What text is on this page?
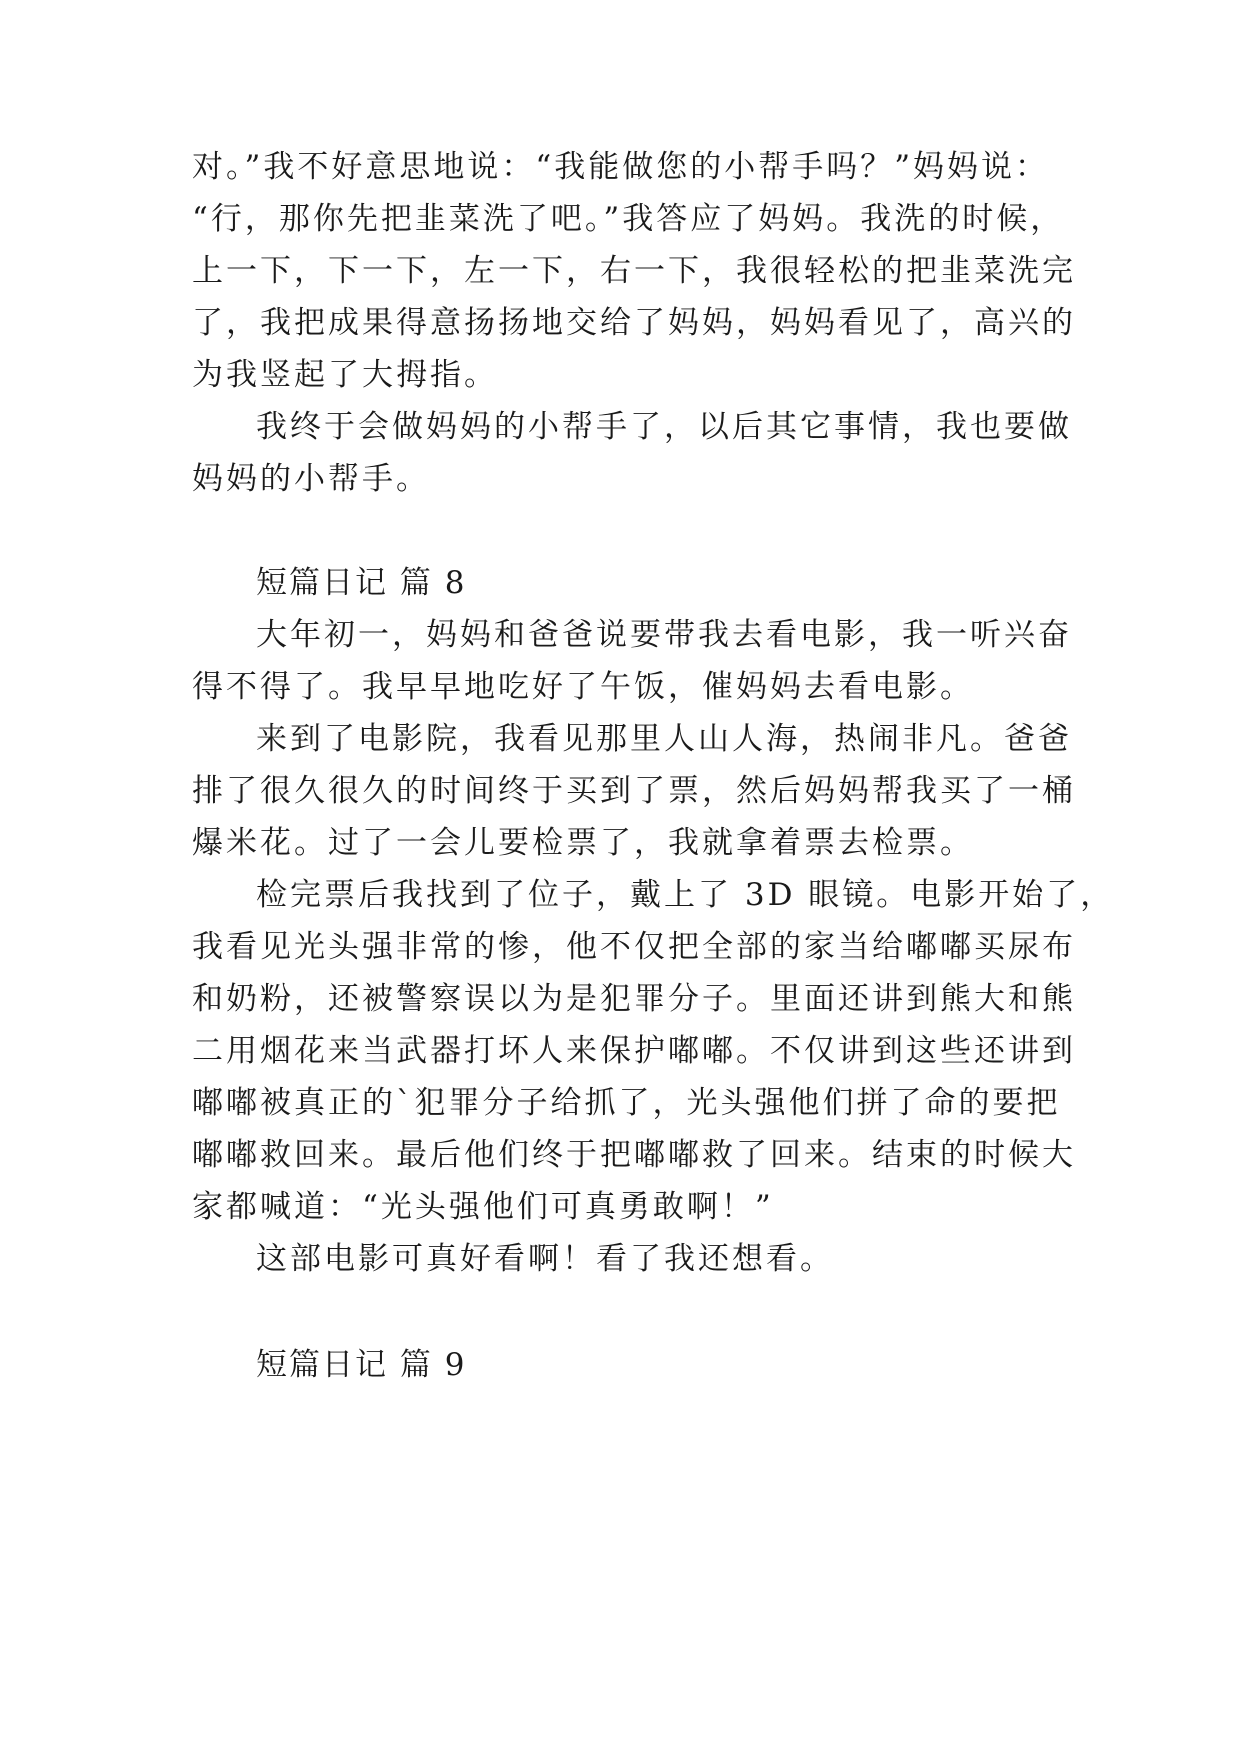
对。”我不好意思地说：“我能做您的小帮手吗？”妈妈说：
“行，那你先把韭菜洗了吧。”我答应了妈妈。我洗的时候，
上一下，下一下，左一下，右一下，我很轻松的把韭菜洗完
了，我把成果得意扬扬地交给了妈妈，妈妈看见了，高兴的
为我竖起了大拇指。
我终于会做妈妈的小帮手了，以后其它事情，我也要做
妈妈的小帮手。
短篇日记 篇 8
大年初一，妈妈和爸爸说要带我去看电影，我一听兴奋
得不得了。我早早地吃好了午饭，催妈妈去看电影。
来到了电影院，我看见那里人山人海，热闹非凡。爸爸
排了很久很久的时间终于买到了票，然后妈妈帮我买了一桶
爆米花。过了一会儿要检票了，我就拿着票去检票。
检完票后我找到了位子，戴上了 3D 眼镜。电影开始了，
我看见光头强非常的惨，他不仅把全部的家当给嘟嘟买尿布
和奶粉，还被警察误以为是犯罪分子。里面还讲到熊大和熊
二用烟花来当武器打坏人来保护嘟嘟。不仅讲到这些还讲到
嘟嘟被真正的`犯罪分子给抓了，光头强他们拼了命的要把
嘟嘟救回来。最后他们终于把嘟嘟救了回来。结束的时候大
家都喊道：“光头强他们可真勇敢啊！”
这部电影可真好看啊！看了我还想看。
短篇日记 篇 9
